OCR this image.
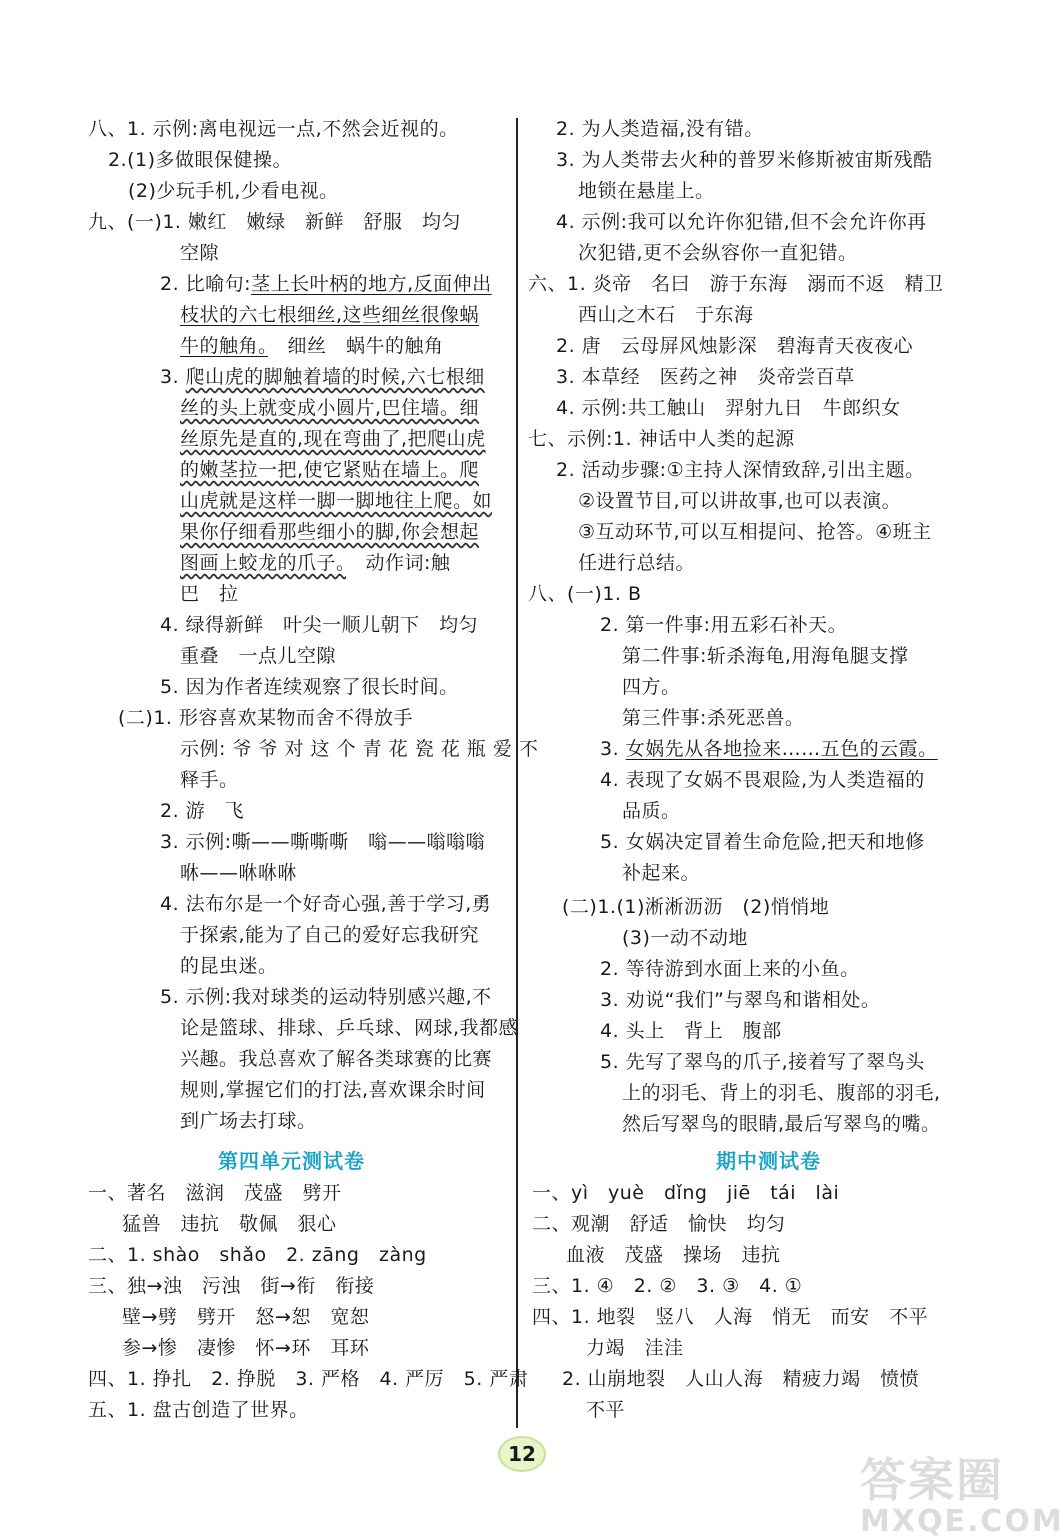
八、1. 示例:离电视远一点,不然会近视的。
2.(1)多做眼保健操。
(2)少玩手机,少看电视。
九、(一)1. 嫩红　嫩绿　新鲜　舒服　均匀
空隙
2. 比喻句:茎上长叶柄的地方,反面伸出
枝状的六七根细丝,这些细丝很像蜗
牛的触角。　细丝　蜗牛的触角
3. 爬山虎的脚触着墙的时候,六七根细
丝的头上就变成小圆片,巴住墙。细
丝原先是直的,现在弯曲了,把爬山虎
的嫩茎拉一把,使它紧贴在墙上。爬
山虎就是这样一脚一脚地往上爬。如
果你仔细看那些细小的脚,你会想起
图画上蛟龙的爪子。　动作词:触
巴　拉
4. 绿得新鲜　叶尖一顺儿朝下　均匀
重叠　一点儿空隙
5. 因为作者连续观察了很长时间。
(二)1. 形容喜欢某物而舍不得放手
示例: 爷 爷 对 这 个 青 花 瓷 花 瓶 爱 不
释手。
2. 游　飞
3. 示例:嘶——嘶嘶嘶　嗡——嗡嗡嗡
咻——咻咻咻
4. 法布尔是一个好奇心强,善于学习,勇
于探索,能为了自己的爱好忘我研究
的昆虫迷。
5. 示例:我对球类的运动特别感兴趣,不
论是篮球、排球、乒乓球、网球,我都感
兴趣。我总喜欢了解各类球赛的比赛
规则,掌握它们的打法,喜欢课余时间
到广场去打球。
第四单元测试卷
一、著名　滋润　茂盛　劈开
猛兽　违抗　敬佩　狠心
二、1. shào　shǎo　2. zāng　zàng
三、独→浊　污浊　街→衔　衔接
壁→劈　劈开　怒→恕　宽恕
参→惨　凄惨　怀→环　耳环
四、1. 挣扎　2. 挣脱　3. 严格　4. 严厉　5. 严肃
五、1. 盘古创造了世界。
2. 为人类造福,没有错。
3. 为人类带去火种的普罗米修斯被宙斯残酷
地锁在悬崖上。
4. 示例:我可以允许你犯错,但不会允许你再
次犯错,更不会纵容你一直犯错。
六、1. 炎帝　名曰　游于东海　溺而不返　精卫
西山之木石　于东海
2. 唐　云母屏风烛影深　碧海青天夜夜心
3. 本草经　医药之神　炎帝尝百草
4. 示例:共工触山　羿射九日　牛郎织女
七、示例:1. 神话中人类的起源
2. 活动步骤:①主持人深情致辞,引出主题。
②设置节目,可以讲故事,也可以表演。
③互动环节,可以互相提问、抢答。④班主
任进行总结。
八、(一)1. B
2. 第一件事:用五彩石补天。
第二件事:斩杀海龟,用海龟腿支撑
四方。
第三件事:杀死恶兽。
3. 女娲先从各地捡来……五色的云霞。
4. 表现了女娲不畏艰险,为人类造福的
品质。
5. 女娲决定冒着生命危险,把天和地修
补起来。
(二)1.(1)淅淅沥沥　(2)悄悄地
(3)一动不动地
2. 等待游到水面上来的小鱼。
3. 劝说“我们”与翠鸟和谐相处。
4. 头上　背上　腹部
5. 先写了翠鸟的爪子,接着写了翠鸟头
上的羽毛、背上的羽毛、腹部的羽毛,
然后写翠鸟的眼睛,最后写翠鸟的嘴。
期中测试卷
一、yì　yuè　dǐng　jiē　tái　lài
二、观潮　舒适　愉快　均匀
血液　茂盛　操场　违抗
三、1. ④　2. ②　3. ③　4. ①
四、1. 地裂　竖八　人海　悄无　而安　不平
力竭　洼洼
2. 山崩地裂　人山人海　精疲力竭　愤愤
不平
12	答案圈
MXQE.COM
